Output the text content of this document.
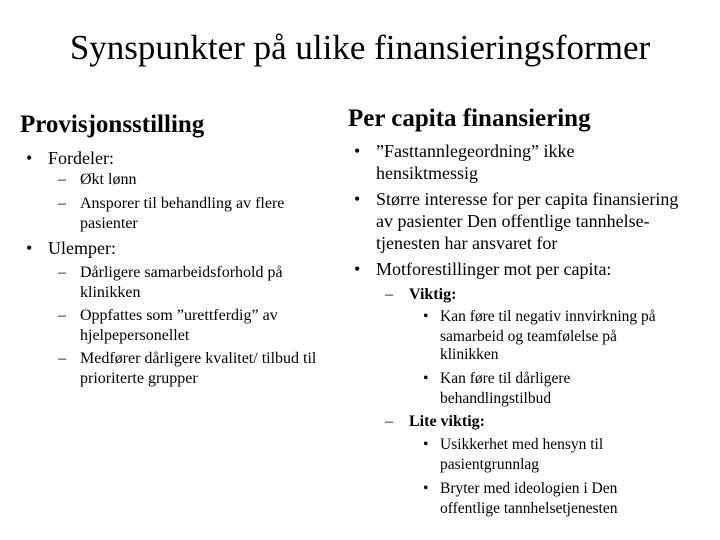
Synspunkter på ulike finansieringsformer
Provisjonsstilling
• Fordeler:
– Økt lønn
– Ansporer til behandling av flere
pasienter
• Ulemper:
– Dårligere samarbeidsforhold på
klinikken
– Oppfattes som ”urettferdig” av
hjelpepersonellet
– Medfører dårligere kvalitet/ tilbud til
prioriterte grupper
Per capita finansiering
• ”Fasttannlegeordning” ikke
hensiktmessig
• Større interesse for per capita finansiering
av pasienter Den offentlige tannhelse-
tjenesten har ansvaret for
• Motforestillinger mot per capita:
– Viktig:
• Kan føre til negativ innvirkning på
samarbeid og teamfølelse på
klinikken
• Kan føre til dårligere
behandlingstilbud
– Lite viktig:
• Usikkerhet med hensyn til
pasientgrunnlag
• Bryter med ideologien i Den
offentlige tannhelsetjenesten
